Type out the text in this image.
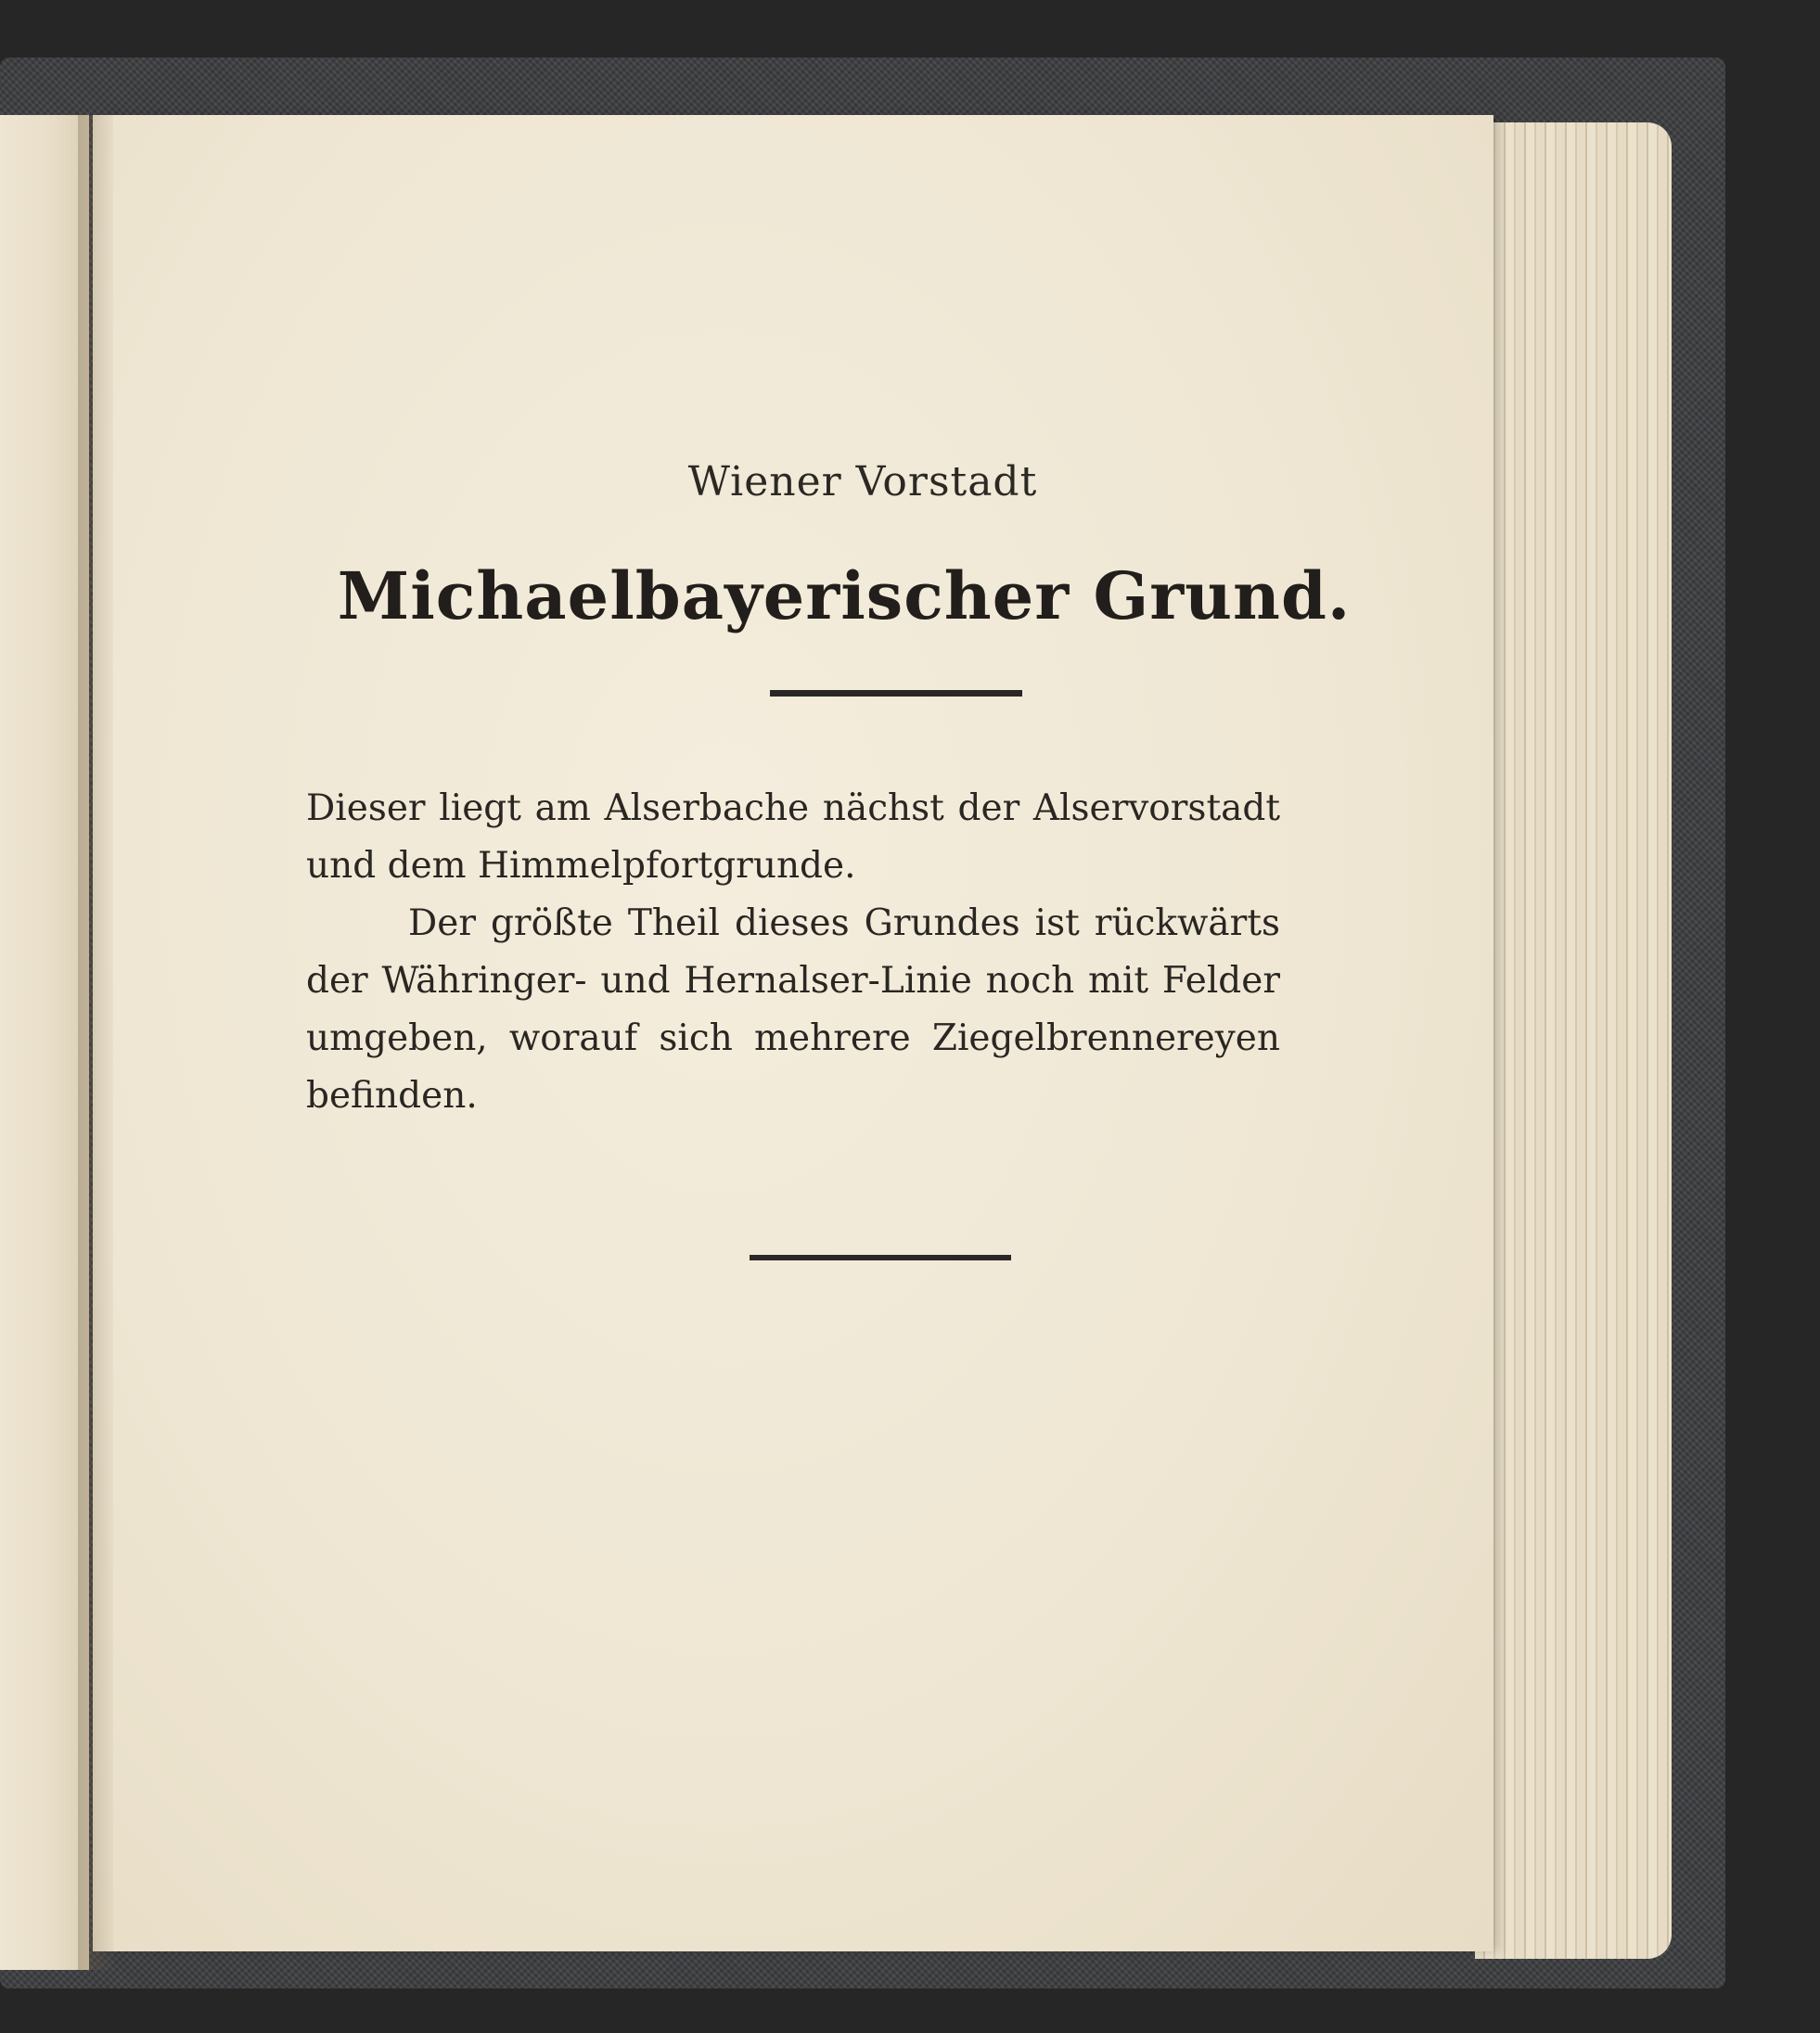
Wiener Vorstadt
Michaelbayerischer Grund.

Dieser liegt am Alserbache nächst der Alservorstadt und dem Himmelpfortgrunde.

Der größte Theil dieses Grundes ist rückwärts der Währinger- und Hernalser-Linie noch mit Felder umgeben, worauf sich mehrere Ziegelbrennereyen befinden.
